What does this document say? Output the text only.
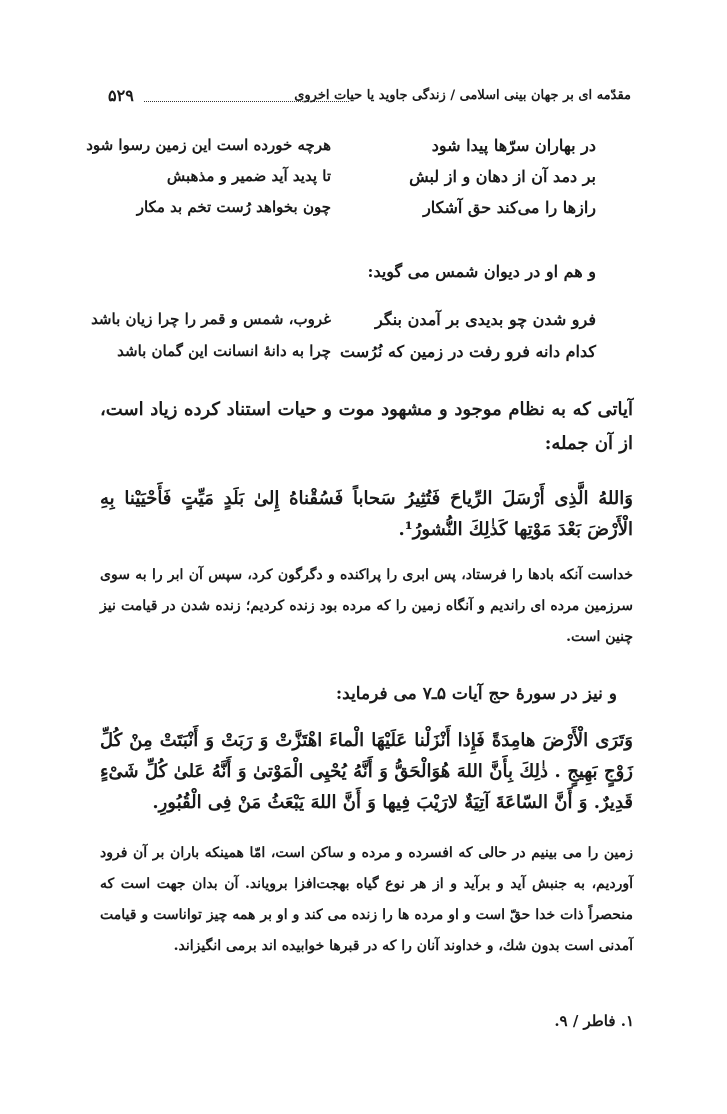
مقدّمه ای بر جهان بینی اسلامی / زندگی جاوید یا حیات اخروی
۵۲۹
در بهاران سرّها پیدا شود
هرچه خورده است این زمین رسوا شود
بر دمد آن از دهان و از لبش
تا پدید آید ضمیر و مذهبش
رازها را می‌کند حق آشکار
چون بخواهد رُست تخم بد مکار
و هم او در دیوان شمس می گوید:
فرو شدن چو بدیدی بر آمدن بنگر
غروب، شمس و قمر را چرا زیان باشد
کدام دانه فرو رفت در زمین که نُرُست
چرا به دانهٔ انسانت این گمان باشد
آیاتی که به نظام موجود و مشهود موت و حیات استناد کرده زیاد است، از آن جمله:
وَاللهُ الَّذِی أَرْسَلَ الرِّیاحَ فَتُثِیرُ سَحاباً فَسُقْناهُ إِلیٰ بَلَدٍ مَیِّتٍ فَأَحْیَیْنا بِهِ الْأَرْضَ بَعْدَ مَوْتِها کَذٰلِكَ النُّشورُ¹.
خداست آنکه بادها را فرستاد، پس ابری را پراکنده و دگرگون کرد، سپس آن ابر را به سوی سرزمین مرده ای راندیم و آنگاه زمین را که مرده بود زنده کردیم؛ زنده شدن در قیامت نیز چنین است.
و نیز در سورهٔ حج آیات ۵ـ۷ می فرماید:
وَتَرَی الْأَرْضَ هامِدَةً فَإِذا أَنْزَلْنا عَلَیْهَا الْماءَ اهْتَزَّتْ وَ رَبَتْ وَ أَنْبَتَتْ مِنْ كُلِّ زَوْجٍ بَهِیجٍ . ذٰلِكَ بِأَنَّ اللهَ هُوَالْحَقُّ وَ أَنَّهُ یُحْیِی الْمَوْتیٰ وَ أَنَّهُ عَلیٰ كُلِّ شَیْءٍ قَدِیرٌ. وَ أَنَّ السّاعَةَ آتِیَةٌ لارَیْبَ فِیها وَ أَنَّ اللهَ یَبْعَثُ مَنْ فِی الْقُبُورِ.
زمین را می بینیم در حالی که افسرده و مرده و ساکن است، امّا همینکه باران بر آن فرود آوردیم، به جنبش آید و برآید و از هر نوع گیاه بهجت‌افزا برویاند. آن بدان جهت است که منحصراً ذات خدا حقّ است و او مرده ها را زنده می کند و او بر همه چیز تواناست و قیامت آمدنی است بدون شك، و خداوند آنان را که در قبرها خوابیده اند برمی انگیزاند.
۱. فاطر / ۹.
